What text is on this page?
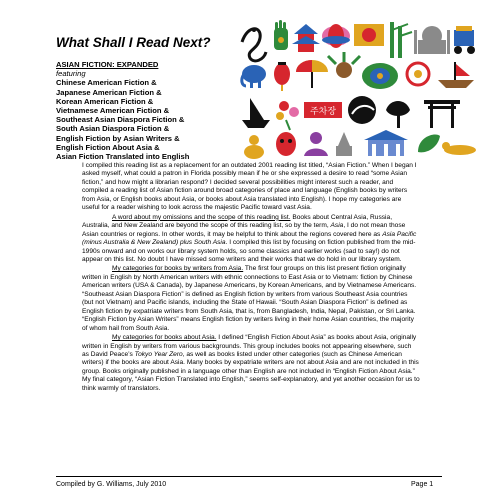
What Shall I Read Next?
ASIAN FICTION: EXPANDED
featuring
Chinese American Fiction &
Japanese American Fiction &
Korean American Fiction &
Vietnamese American Fiction &
Southeast Asian Diaspora Fiction &
South Asian Diaspora Fiction &
English Fiction by Asian Writers &
English Fiction About Asia &
Asian Fiction Translated into English
주차장

I compiled this reading list as a replacement for an outdated 2001 reading list titled, “Asian Fiction.” When I began I asked myself, what could a patron in Florida possibly mean if he or she expressed a desire to read “some Asian fiction,” and how might a librarian respond? I decided several possibilities might interest such a reader, and compiled a reading list of Asian fiction around broad categories of place and language (English books by writers from Asia, or English books about Asia, or books about Asia translated into English). I hope my categories are useful for a reader wishing to look across the majestic Pacific toward vast Asia.

A word about my omissions and the scope of this reading list. Books about Central Asia, Russia, Australia, and New Zealand are beyond the scope of this reading list, so by the term, Asia, I do not mean those Asian countries or regions. In other words, it may be helpful to think about the regions covered here as Asia Pacific (minus Australia & New Zealand) plus South Asia. I compiled this list by focusing on fiction published from the mid-1990s onward and on works our library system holds, so some classics and earlier works (sad to say!) do not appear on this list. No doubt I have missed some writers and their works that we do hold in our library system.

My categories for books by writers from Asia. The first four groups on this list present fiction originally written in English by North American writers with ethnic connections to East Asia or to Vietnam: fiction by Chinese American writers (USA & Canada), by Japanese Americans, by Korean Americans, and by Vietnamese Americans. “Southeast Asian Diaspora Fiction” is defined as English fiction by writers from various Southeast Asia countries (but not Vietnam) and Pacific islands, including the State of Hawaii. “South Asian Diaspora Fiction” is defined as English fiction by expatriate writers from South Asia, that is, from Bangladesh, India, Nepal, Pakistan, or Sri Lanka. “English Fiction by Asian Writers” means English fiction by writers living in their home Asian countries, the majority of whom hail from South Asia.

My categories for books about Asia. I defined “English Fiction About Asia” as books about Asia, originally written in English by writers from various backgrounds. This group includes books not appearing elsewhere, such as David Peace’s Tokyo Year Zero, as well as books listed under other categories (such as Chinese American writers) if the books are about Asia. Many books by expatriate writers are not about Asia and are not included in this group. Books originally published in a language other than English are not included in “English Fiction About Asia.” My final category, “Asian Fiction Translated into English,” seems self-explanatory, and yet another occasion for us to think warmly of translators.

Compiled by G. Williams, July 2010	Page 1
